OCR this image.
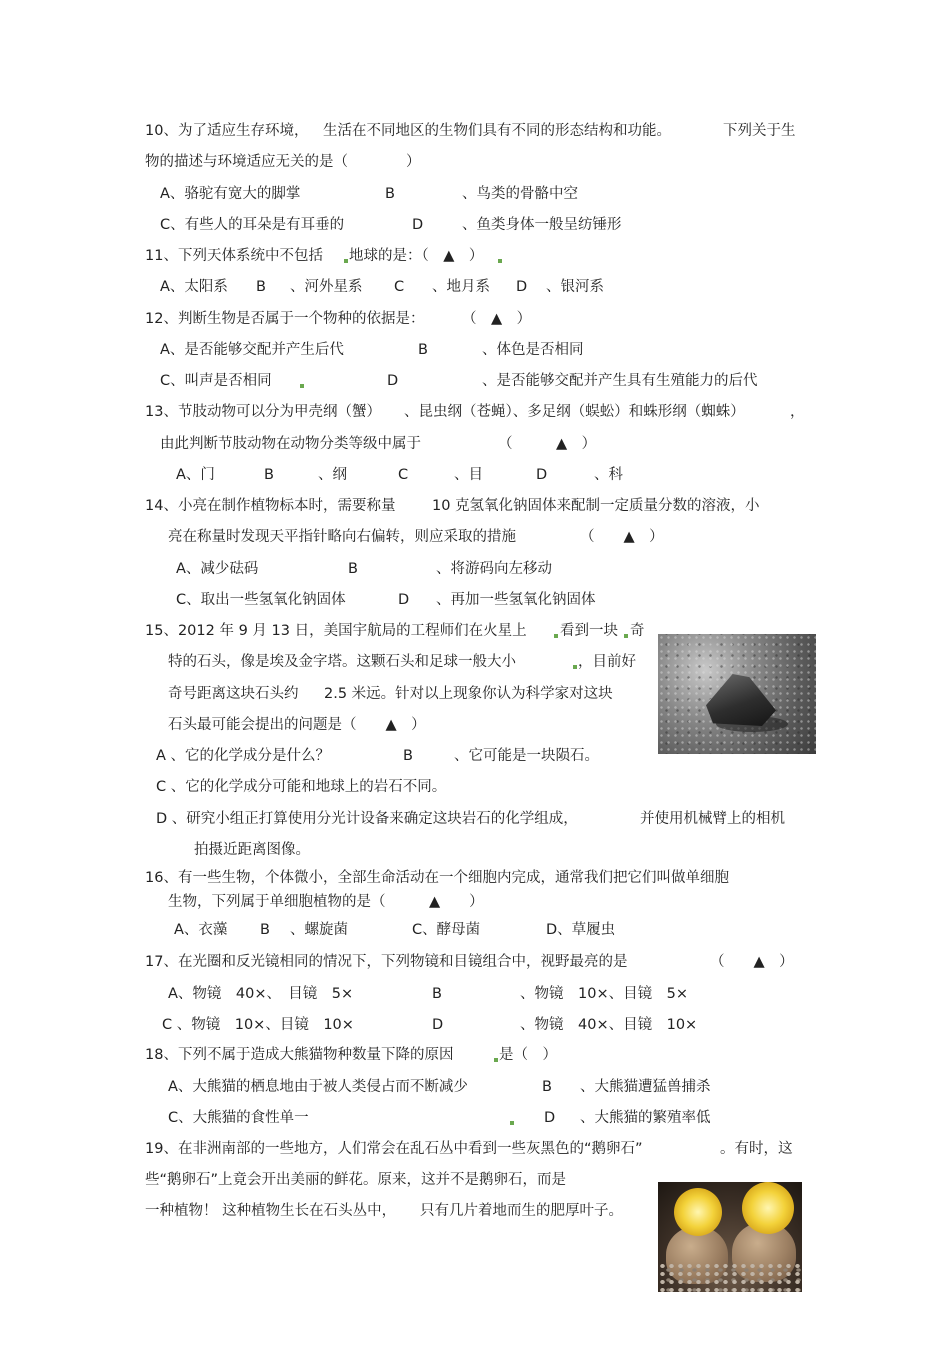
10、为了适应生存环境， 生活在不同地区的生物们具有不同的形态结构和功能。	下列关于生
物的描述与环境适应无关的是（　　　　）
A、骆驼有宽大的脚掌	B	、鸟类的骨骼中空
C、有些人的耳朵是有耳垂的	D	、鱼类身体一般呈纺锤形
11、下列天体系统中不包括 地球的是：（　▲　）
A、太阳系 B 、河外星系 C 、地月系 D 、银河系
12、判断生物是否属于一个物种的依据是：	（　▲　）
A、是否能够交配并产生后代	B	、体色是否相同
C、叫声是否相同	D	、是否能够交配并产生具有生殖能力的后代
13、节肢动物可以分为甲壳纲（蟹） 、昆虫纲（苍蝇）、多足纲（蜈蚣）和蛛形纲（蜘蛛）	，
由此判断节肢动物在动物分类等级中属于	（　　　▲　）
A、门	B	、纲	C	、目	D	、科
14、小亮在制作植物标本时，需要称量	10 克氢氧化钠固体来配制一定质量分数的溶液，小
亮在称量时发现天平指针略向右偏转，则应采取的措施	（　　▲　）
A、减少砝码	B	、将游码向左移动
C、取出一些氢氧化钠固体	D 、再加一些氢氧化钠固体
15、2012 年 9 月 13 日，美国宇航局的工程师们在火星上 看到一块 奇
特的石头，像是埃及金字塔。这颗石头和足球一般大小	，目前好
奇号距离这块石头约 2.5 米远。针对以上现象你认为科学家对这块
石头最可能会提出的问题是（　　▲　）
A 、它的化学成分是什么？	B	、它可能是一块陨石。
C 、它的化学成分可能和地球上的岩石不同。
D 、研究小组正打算使用分光计设备来确定这块岩石的化学组成，	并使用机械臂上的相机
拍摄近距离图像。
16、有一些生物，个体微小，全部生命活动在一个细胞内完成，通常我们把它们叫做单细胞
生物，下列属于单细胞植物的是（　　　▲　　）
A、衣藻 B 、螺旋菌	C、酵母菌	D、草履虫
17、在光圈和反光镜相同的情况下，下列物镜和目镜组合中，视野最亮的是	（　　▲　）
A、物镜　40×、　目镜　5×	B	、物镜　10×、目镜　5×
C 、物镜　10×、目镜　10×	D	、物镜　40×、目镜　10×
18、下列不属于造成大熊猫物种数量下降的原因	是（　）
A、大熊猫的栖息地由于被人类侵占而不断减少	B 、大熊猫遭猛兽捕杀
C、大熊猫的食性单一	D 、大熊猫的繁殖率低
19、在非洲南部的一些地方，人们常会在乱石丛中看到一些灰黑色的“鹅卵石”	。有时，这
些“鹅卵石”上竟会开出美丽的鲜花。原来，这并不是鹅卵石，而是
一种植物！ 这种植物生长在石头丛中， 只有几片着地而生的肥厚叶子。
